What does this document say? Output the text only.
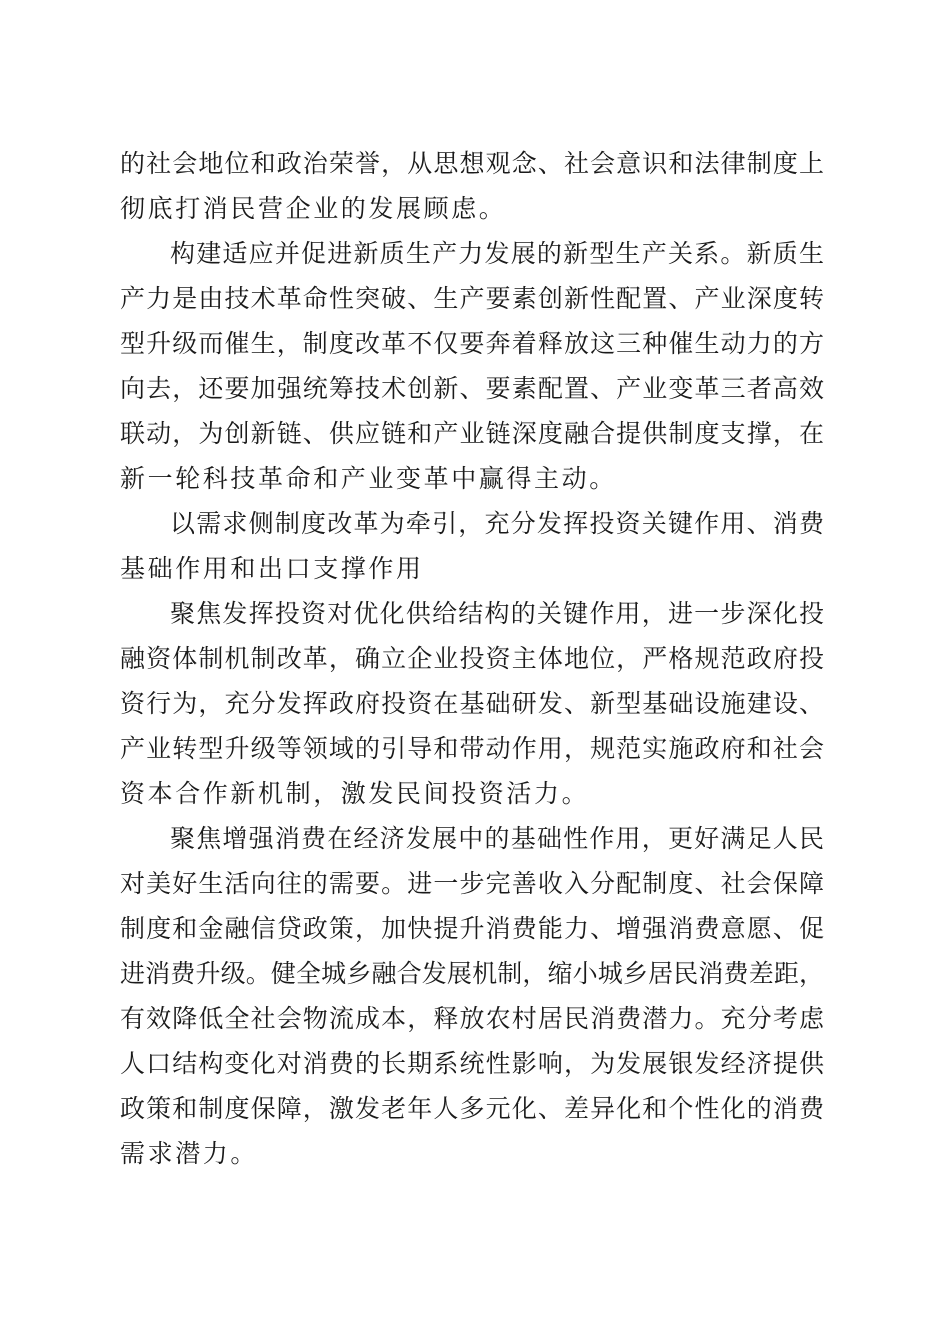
的社会地位和政治荣誉，从思想观念、社会意识和法律制度上
彻底打消民营企业的发展顾虑。
构建适应并促进新质生产力发展的新型生产关系。新质生
产力是由技术革命性突破、生产要素创新性配置、产业深度转
型升级而催生，制度改革不仅要奔着释放这三种催生动力的方
向去，还要加强统筹技术创新、要素配置、产业变革三者高效
联动，为创新链、供应链和产业链深度融合提供制度支撑，在
新一轮科技革命和产业变革中赢得主动。
以需求侧制度改革为牵引，充分发挥投资关键作用、消费
基础作用和出口支撑作用
聚焦发挥投资对优化供给结构的关键作用，进一步深化投
融资体制机制改革，确立企业投资主体地位，严格规范政府投
资行为，充分发挥政府投资在基础研发、新型基础设施建设、
产业转型升级等领域的引导和带动作用，规范实施政府和社会
资本合作新机制，激发民间投资活力。
聚焦增强消费在经济发展中的基础性作用，更好满足人民
对美好生活向往的需要。进一步完善收入分配制度、社会保障
制度和金融信贷政策，加快提升消费能力、增强消费意愿、促
进消费升级。健全城乡融合发展机制，缩小城乡居民消费差距，
有效降低全社会物流成本，释放农村居民消费潜力。充分考虑
人口结构变化对消费的长期系统性影响，为发展银发经济提供
政策和制度保障，激发老年人多元化、差异化和个性化的消费
需求潜力。
